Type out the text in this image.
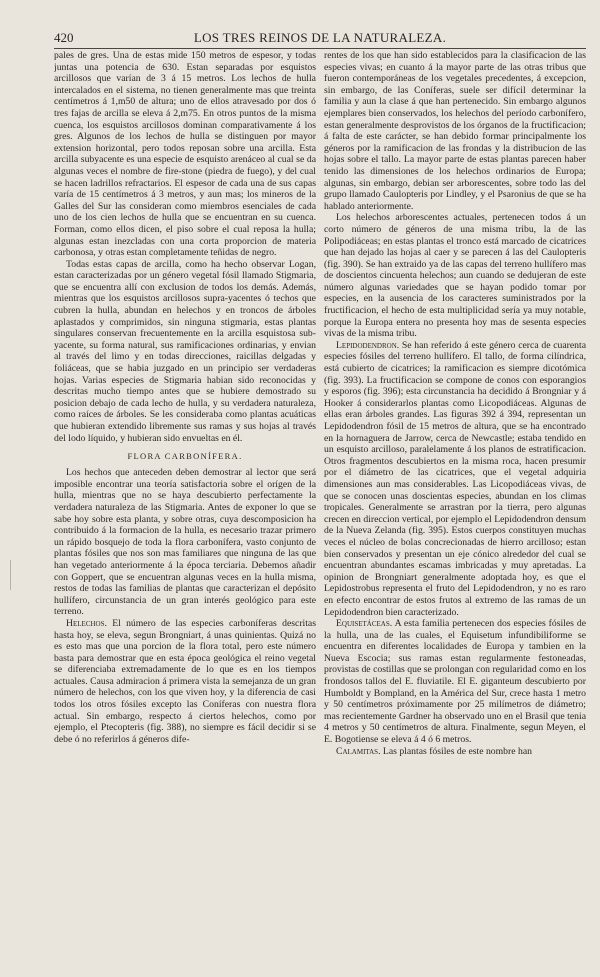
420	LOS TRES REINOS DE LA NATURALEZA.

pales de gres. Una de estas mide 150 metros de espesor, y todas juntas una potencia de 630. Estan separadas por esquistos arcillosos que varían de 3 á 15 metros. Los lechos de hulla intercalados en el sistema, no tienen generalmente mas que treinta centímetros á 1,m50 de altura; uno de ellos atravesado por dos ó tres fajas de arcilla se eleva á 2,m75. En otros puntos de la misma cuenca, los esquistos arcillosos dominan comparativamente á los gres. Algunos de los lechos de hulla se distinguen por mayor extension horizontal, pero todos reposan sobre una arcilla. Esta arcilla subyacente es una especie de esquisto arenáceo al cual se da algunas veces el nombre de fire-stone (piedra de fuego), y del cual se hacen ladrillos refractarios. El espesor de cada una de sus capas varía de 15 centímetros á 3 metros, y aun mas; los mineros de la Galles del Sur las consideran como miembros esenciales de cada uno de los cien lechos de hulla que se encuentran en su cuenca. Forman, como ellos dicen, el piso sobre el cual reposa la hulla; algunas estan inezcladas con una corta proporcion de materia carbonosa, y otras estan completamente teñidas de negro.

Todas estas capas de arcilla, como ha hecho observar Logan, estan caracterizadas por un género vegetal fósil llamado Stigmaria, que se encuentra allí con exclusion de todos los demás. Además, mientras que los esquistos arcillosos supra-yacentes ó techos que cubren la hulla, abundan en helechos y en troncos de árboles aplastados y comprimidos, sin ninguna stigmaria, estas plantas singulares conservan frecuentemente en la arcilla esquistosa sub-yacente, su forma natural, sus ramificaciones ordinarias, y envian al través del limo y en todas direcciones, raicillas delgadas y foliáceas, que se habia juzgado en un principio ser verdaderas hojas. Varias especies de Stigmaria habian sido reconocidas y descritas mucho tiempo antes que se hubiere demostrado su posicion debajo de cada lecho de hulla, y su verdadera naturaleza, como raíces de árboles. Se les consideraba como plantas acuáticas que hubieran extendido libremente sus ramas y sus hojas al través del lodo líquido, y hubieran sido envueltas en él.

FLORA CARBONÍFERA.

Los hechos que anteceden deben demostrar al lector que será imposible encontrar una teoría satisfactoria sobre el orígen de la hulla, mientras que no se haya descubierto perfectamente la verdadera naturaleza de las Stigmaria. Antes de exponer lo que se sabe hoy sobre esta planta, y sobre otras, cuya descomposicion ha contribuido á la formacion de la hulla, es necesario trazar primero un rápido bosquejo de toda la flora carbonífera, vasto conjunto de plantas fósiles que nos son mas familiares que ninguna de las que han vegetado anteriormente á la época terciaria. Debemos añadir con Goppert, que se encuentran algunas veces en la hulla misma, restos de todas las familias de plantas que caracterizan el depósito hullífero, circunstancia de un gran interés geológico para este terreno.

Helechos. El número de las especies carboníferas descritas hasta hoy, se eleva, segun Brongniart, á unas quinientas. Quizá no es esto mas que una porcion de la flora total, pero este número basta para demostrar que en esta época geológica el reino vegetal se diferenciaba extremadamente de lo que es en los tiempos actuales. Causa admiracion á primera vista la semejanza de un gran número de helechos, con los que viven hoy, y la diferencia de casi todos los otros fósiles excepto las Coníferas con nuestra flora actual. Sin embargo, respecto á ciertos helechos, como por ejemplo, el Ptecopteris (fig. 388), no siempre es fácil decidir si se debe ó no referirlos á géneros dife-

rentes de los que han sido establecidos para la clasificacion de las especies vivas; en cuanto á la mayor parte de las otras tribus que fueron contemporáneas de los vegetales precedentes, á excepcion, sin embargo, de las Coníferas, suele ser difícil determinar la familia y aun la clase á que han pertenecido. Sin embargo algunos ejemplares bien conservados, los helechos del período carbonífero, estan generalmente desprovistos de los órganos de la fructificacion; á falta de este carácter, se han debido formar principalmente los géneros por la ramificacion de las frondas y la distribucion de las hojas sobre el tallo. La mayor parte de estas plantas parecen haber tenido las dimensiones de los helechos ordinarios de Europa; algunas, sin embargo, debian ser arborescentes, sobre todo las del grupo llamado Caulopteris por Lindley, y el Psaronius de que se ha hablado anteriormente.

Los helechos arborescentes actuales, pertenecen todos á un corto número de géneros de una misma tribu, la de las Polipodiáceas; en estas plantas el tronco está marcado de cicatrices que han dejado las hojas al caer y se parecen á las del Caulopteris (fig. 390). Se han extraido ya de las capas del terreno hullífero mas de doscientos cincuenta helechos; aun cuando se dedujeran de este número algunas variedades que se hayan podido tomar por especies, en la ausencia de los caracteres suministrados por la fructificacion, el hecho de esta multiplicidad sería ya muy notable, porque la Europa entera no presenta hoy mas de sesenta especies vivas de la misma tribu.

Lepidodendron. Se han referido á este género cerca de cuarenta especies fósiles del terreno hullífero. El tallo, de forma cilíndrica, está cubierto de cicatrices; la ramificacion es siempre dicotómica (fig. 393). La fructificacion se compone de conos con esporangios y esporos (fig. 396); esta circunstancia ha decidido á Brongniar y á Hooker á considerarlos plantas como Licopodiáceas. Algunas de ellas eran árboles grandes. Las figuras 392 á 394, representan un Lepidodendron fósil de 15 metros de altura, que se ha encontrado en la hornaguera de Jarrow, cerca de Newcastle; estaba tendido en un esquisto arcilloso, paralelamente á los planos de estratificacion. Otros fragmentos descubiertos en la misma roca, hacen presumir por el diámetro de las cicatrices, que el vegetal adquiria dimensiones aun mas considerables. Las Licopodiáceas vivas, de que se conocen unas doscientas especies, abundan en los climas tropicales. Generalmente se arrastran por la tierra, pero algunas crecen en direccion vertical, por ejemplo el Lepidodendron densum de la Nueva Zelanda (fig. 395). Estos cuerpos constituyen muchas veces el núcleo de bolas concrecionadas de hierro arcilloso; estan bien conservados y presentan un eje cónico alrededor del cual se encuentran abundantes escamas imbricadas y muy apretadas. La opinion de Brongniart generalmente adoptada hoy, es que el Lepidostrobus representa el fruto del Lepidodendron, y no es raro en efecto encontrar de estos frutos al extremo de las ramas de un Lepidodendron bien caracterizado.

Equisetáceas. A esta familia pertenecen dos especies fósiles de la hulla, una de las cuales, el Equisetum infundibiliforme se encuentra en diferentes localidades de Europa y tambien en la Nueva Escocia; sus ramas estan regularmente festoneadas, provistas de costillas que se prolongan con regularidad como en los frondosos tallos del E. fluviatile. El E. giganteum descubierto por Humboldt y Bompland, en la América del Sur, crece hasta 1 metro y 50 centímetros próximamente por 25 milímetros de diámetro; mas recientemente Gardner ha observado uno en el Brasil que tenia 4 metros y 50 centímetros de altura. Finalmente, segun Meyen, el E. Bogotiense se eleva á 4 ó 6 metros.

Calamitas. Las plantas fósiles de este nombre han
